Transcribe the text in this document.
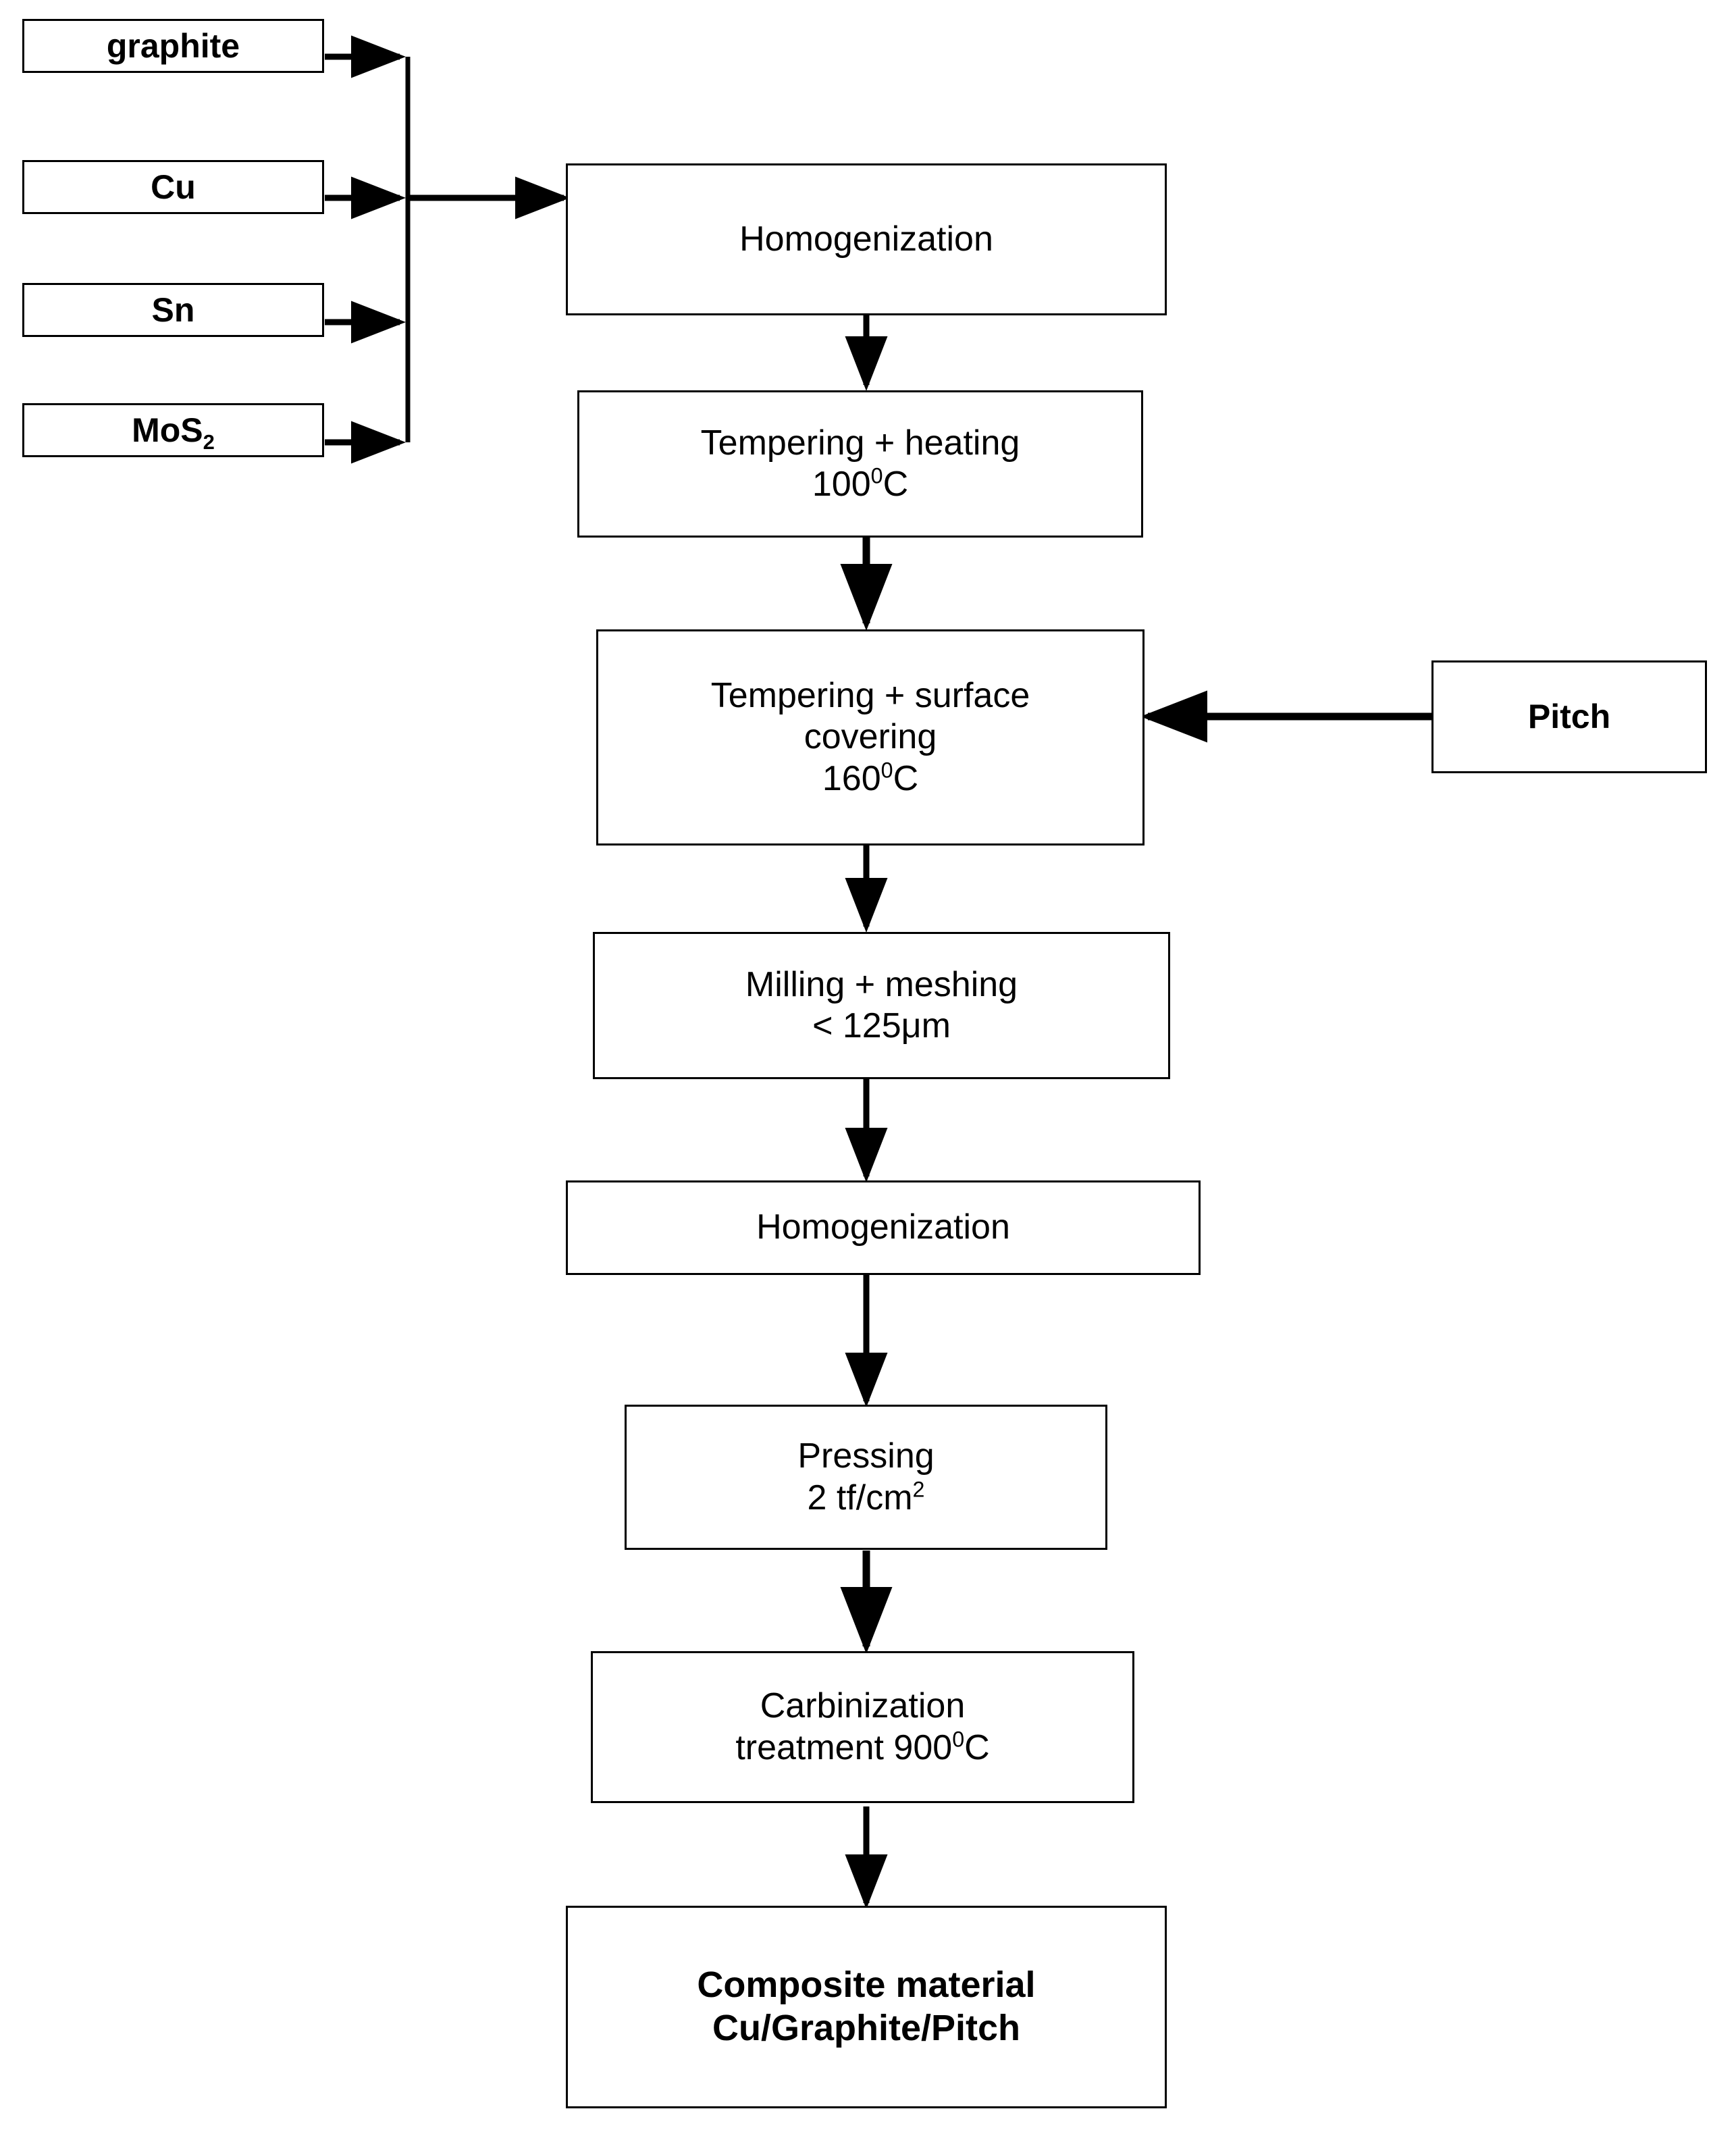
graphite
Cu
Sn
MoS$_2$
Pitch
Homogenization
Tempering + heating
$100^0C$
Tempering + surface
covering
$160^0C$
Milling + meshing
< 125μm
Homogenization
Pressing
2 $tf/cm^2$
Carbinization
treatment $900^0C$
Composite material
Cu/Graphite/Pitch
